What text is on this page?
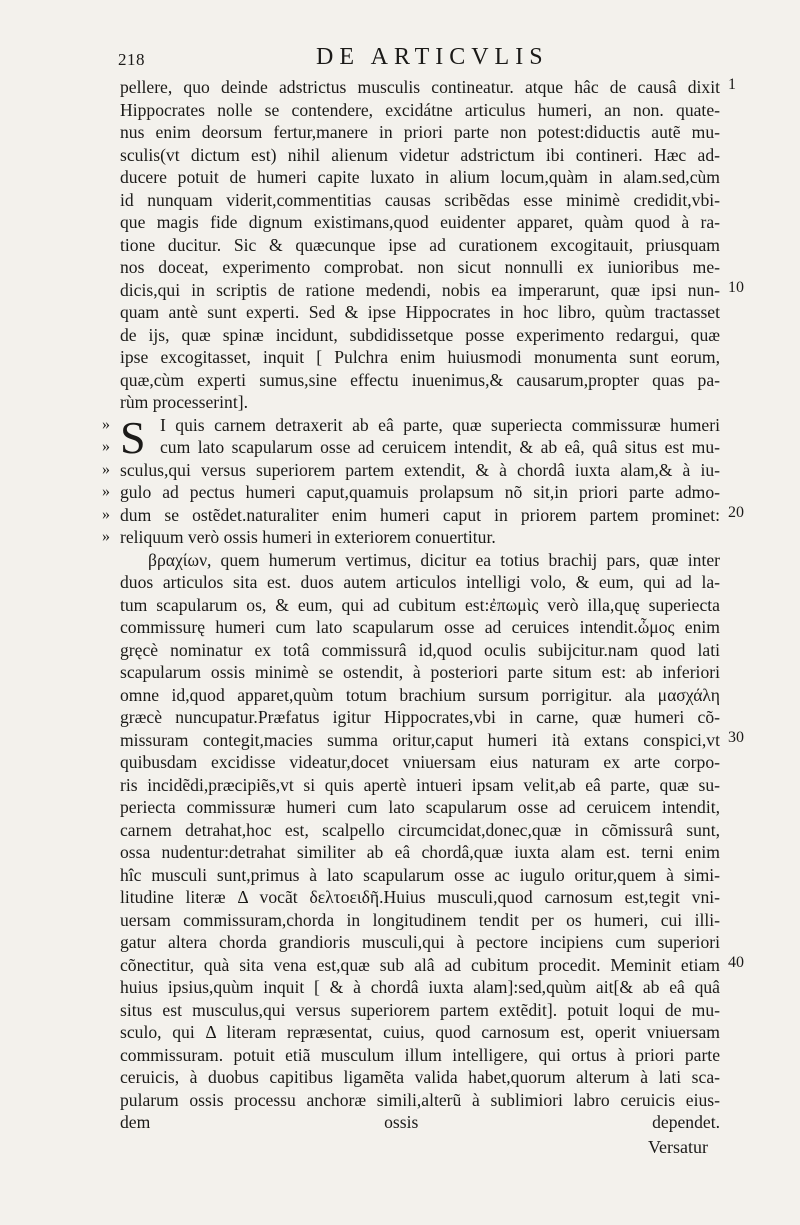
218	DE ARTICVLIS
pellere, quo deinde adstrictus musculis contineatur. atque hâc de causâ dixit
Hippocrates nolle se contendere, excidátne articulus humeri, an non. quate-
nus enim deorsum fertur,manere in priori parte non potest:diductis autẽ mu-
sculis(vt dictum est) nihil alienum videtur adstrictum ibi contineri. Hæc ad-
ducere potuit de humeri capite luxato in alium locum,quàm in alam.sed,cùm
id nunquam viderit,commentitias causas scribẽdas esse minimè credidit,vbi-
que magis fide dignum existimans,quod euidenter apparet, quàm quod à ra-
tione ducitur. Sic & quæcunque ipse ad curationem excogitauit, priusquam
nos doceat, experimento comprobat. non sicut nonnulli ex iunioribus me-
dicis,qui in scriptis de ratione medendi, nobis ea imperarunt, quæ ipsi nun-
quam antè sunt experti. Sed & ipse Hippocrates in hoc libro, quùm tractasset
de ijs, quæ spinæ incidunt, subdidissetque posse experimento redargui, quæ
ipse excogitasset, inquit [ Pulchra enim huiusmodi monumenta sunt eorum,
quæ,cùm experti sumus,sine effectu inuenimus,& causarum,propter quas pa-
rùm processerint].
» S I quis carnem detraxerit ab eâ parte, quæ superiecta commissuræ humeri
»	cum lato scapularum osse ad ceruicem intendit, & ab eâ, quâ situs est mu-
» sculus,qui versus superiorem partem extendit, & à chordâ iuxta alam,& à iu-
» gulo ad pectus humeri caput,quamuis prolapsum nõ sit,in priori parte admo-
» dum se ostẽdet.naturaliter enim humeri caput in priorem partem prominet:
» reliquum verò ossis humeri in exteriorem conuertitur.
βραχίων, quem humerum vertimus, dicitur ea totius brachij pars, quæ inter
duos articulos sita est. duos autem articulos intelligi volo, & eum, qui ad la-
tum scapularum os, & eum, qui ad cubitum est:ἐπωμὶς verò illa,quę superiecta
commissurę humeri cum lato scapularum osse ad ceruices intendit.ὦμος enim
gręcè nominatur ex totâ commissurâ id,quod oculis subijcitur.nam quod lati
scapularum ossis minimè se ostendit, à posteriori parte situm est: ab inferiori
omne id,quod apparet,quùm totum brachium sursum porrigitur. ala μασχάλη
græcè nuncupatur.Præfatus igitur Hippocrates,vbi in carne, quæ humeri cõ-
missuram contegit,macies summa oritur,caput humeri ità extans conspici,vt
quibusdam excidisse videatur,docet vniuersam eius naturam ex arte corpo-
ris incidẽdi,præcipiẽs,vt si quis apertè intueri ipsam velit,ab eâ parte, quæ su-
periecta commissuræ humeri cum lato scapularum osse ad ceruicem intendit,
carnem detrahat,hoc est, scalpello circumcidat,donec,quæ in cõmissurâ sunt,
ossa nudentur:detrahat similiter ab eâ chordâ,quæ iuxta alam est. terni enim
hîc musculi sunt,primus à lato scapularum osse ac iugulo oritur,quem à simi-
litudine literæ Δ vocãt δελτοειδῆ.Huius musculi,quod carnosum est,tegit vni-
uersam commissuram,chorda in longitudinem tendit per os humeri, cui illi-
gatur altera chorda grandioris musculi,qui à pectore incipiens cum superiori
cõnectitur, quà sita vena est,quæ sub alâ ad cubitum procedit. Meminit etiam
huius ipsius,quùm inquit [ & à chordâ iuxta alam]:sed,quùm ait[& ab eâ quâ
situs est musculus,qui versus superiorem partem extẽdit]. potuit loqui de mu-
sculo, qui Δ literam repræsentat, cuius, quod carnosum est, operit vniuersam
commissuram. potuit etiã musculum illum intelligere, qui ortus à priori parte
ceruicis, à duobus capitibus ligamẽta valida habet,quorum alterum à lati sca-
pularum ossis processu anchoræ simili,alterũ à sublimiori labro ceruicis eius-
dem ossis dependet.
1
10
20
30
40
Versatur
